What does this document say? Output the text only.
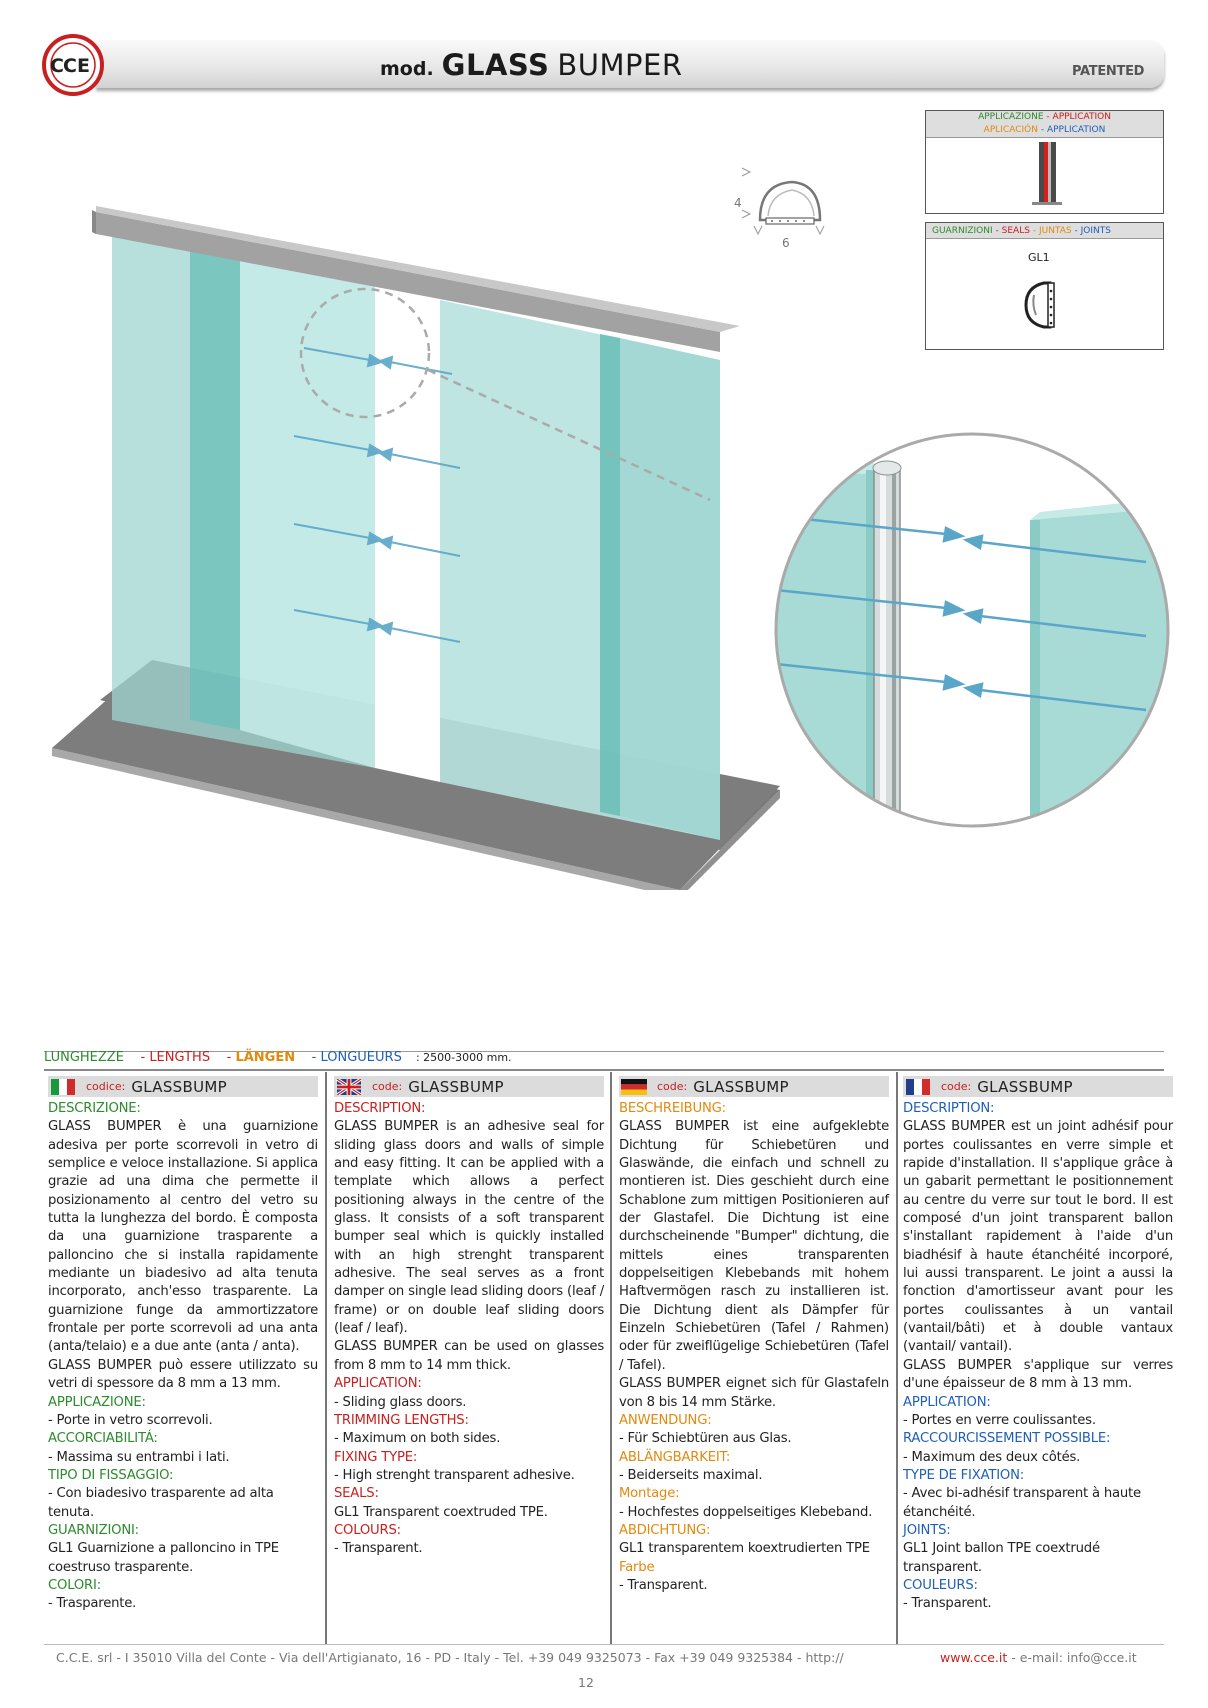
C C E	mod. GLASS BUMPER	PATENTED
APPLICAZIONE - APPLICATION
APLICACIÓN - APPLICATION
GUARNIZIONI - SEALS - JUNTAS - JOINTS
GL1
4
6
LUNGHEZZE - LENGTHS - LÄNGEN - LONGUEURS : 2500-3000 mm.
codice: GLASSBUMP
DESCRIZIONE:
GLASS BUMPER è una guarnizione adesiva per porte scorrevoli in vetro di semplice e veloce installazione. Si applica grazie ad una dima che permette il posizionamento al centro del vetro su tutta la lunghezza del bordo. È composta da una guarnizione trasparente a palloncino che si installa rapidamente mediante un biadesivo ad alta tenuta incorporato, anch'esso trasparente. La guarnizione funge da ammortizzatore frontale per porte scorrevoli ad una anta (anta/telaio) e a due ante (anta / anta).
GLASS BUMPER può essere utilizzato su vetri di spessore da 8 mm a 13 mm.
APPLICAZIONE:
- Porte in vetro scorrevoli.
ACCORCIABILITÁ:
- Massima su entrambi i lati.
TIPO DI FISSAGGIO:
- Con biadesivo trasparente ad alta tenuta.
GUARNIZIONI:
GL1 Guarnizione a palloncino in TPE coestruso trasparente.
COLORI:
- Trasparente.
code: GLASSBUMP
DESCRIPTION:
GLASS BUMPER is an adhesive seal for sliding glass doors and walls of simple and easy fitting. It can be applied with a template which allows a perfect positioning always in the centre of the glass. It consists of a soft transparent bumper seal which is quickly installed with an high strenght transparent adhesive. The seal serves as a front damper on single lead sliding doors (leaf / frame) or on double leaf sliding doors (leaf / leaf).
GLASS BUMPER can be used on glasses from 8 mm to 14 mm thick.
APPLICATION:
- Sliding glass doors.
TRIMMING LENGTHS:
- Maximum on both sides.
FIXING TYPE:
- High strenght transparent adhesive.
SEALS:
GL1 Transparent coextruded TPE.
COLOURS:
- Transparent.
code: GLASSBUMP
BESCHREIBUNG:
GLASS BUMPER ist eine aufgeklebte Dichtung für Schiebetüren und Glaswände, die einfach und schnell zu montieren ist. Dies geschieht durch eine Schablone zum mittigen Positionieren auf der Glastafel. Die Dichtung ist eine durchscheinende "Bumper" dichtung, die mittels eines transparenten doppelseitigen Klebebands mit hohem Haftvermögen rasch zu installieren ist. Die Dichtung dient als Dämpfer für Einzeln Schiebetüren (Tafel / Rahmen) oder für zweiflügelige Schiebetüren (Tafel / Tafel).
GLASS BUMPER eignet sich für Glastafeln von 8 bis 14 mm Stärke.
ANWENDUNG:
- Für Schiebtüren aus Glas.
ABLÄNGBARKEIT:
- Beiderseits maximal.
Montage:
- Hochfestes doppelseitiges Klebeband.
ABDICHTUNG:
GL1 transparentem koextrudierten TPE
Farbe
- Transparent.
code: GLASSBUMP
DESCRIPTION:
GLASS BUMPER est un joint adhésif pour portes coulissantes en verre simple et rapide d'installation. Il s'applique grâce à un gabarit permettant le positionnement au centre du verre sur tout le bord. Il est composé d'un joint transparent ballon s'installant rapidement à l'aide d'un biadhésif à haute étanchéité incorporé, lui aussi transparent. Le joint a aussi la fonction d'amortisseur avant pour les portes coulissantes à un vantail (vantail/bâti) et à double vantaux (vantail/ vantail).
GLASS BUMPER s'applique sur verres d'une épaisseur de 8 mm à 13 mm.
APPLICATION:
- Portes en verre coulissantes.
RACCOURCISSEMENT POSSIBLE:
- Maximum des deux côtés.
TYPE DE FIXATION:
- Avec bi-adhésif transparent à haute étanchéité.
JOINTS:
GL1 Joint ballon TPE coextrudé transparent.
COULEURS:
- Transparent.
C.C.E. srl - I 35010 Villa del Conte - Via dell'Artigianato, 16 - PD - Italy - Tel. +39 049 9325073 - Fax +39 049 9325384 - http://	www.cce.it - e-mail: info@cce.it
12
